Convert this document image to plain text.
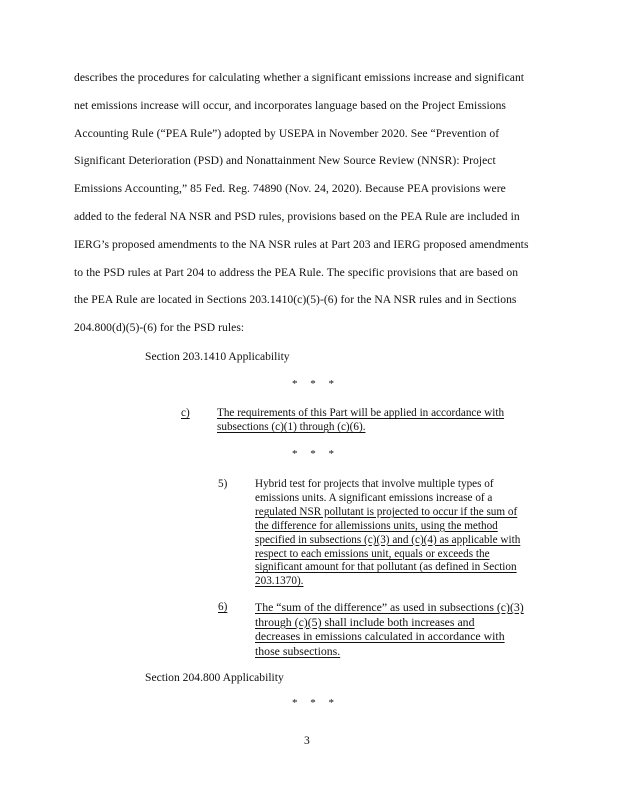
describes the procedures for calculating whether a significant emissions increase and significant
net emissions increase will occur, and incorporates language based on the Project Emissions
Accounting Rule (“PEA Rule”) adopted by USEPA in November 2020. See “Prevention of
Significant Deterioration (PSD) and Nonattainment New Source Review (NNSR): Project
Emissions Accounting,” 85 Fed. Reg. 74890 (Nov. 24, 2020). Because PEA provisions were
added to the federal NA NSR and PSD rules, provisions based on the PEA Rule are included in
IERG’s proposed amendments to the NA NSR rules at Part 203 and IERG proposed amendments
to the PSD rules at Part 204 to address the PEA Rule. The specific provisions that are based on
the PEA Rule are located in Sections 203.1410(c)(5)-(6) for the NA NSR rules and in Sections
204.800(d)(5)-(6) for the PSD rules:

Section 203.1410 Applicability

* * *
c) The requirements of this Part will be applied in accordance with
subsections (c)(1) through (c)(6).
* * *
5) Hybrid test for projects that involve multiple types of
emissions units. A significant emissions increase of a
regulated NSR pollutant is projected to occur if the sum of
the difference for allemissions units, using the method
specified in subsections (c)(3) and (c)(4) as applicable with
respect to each emissions unit, equals or exceeds the
significant amount for that pollutant (as defined in Section
203.1370).
6) The “sum of the difference” as used in subsections (c)(3)
through (c)(5) shall include both increases and
decreases in emissions calculated in accordance with
those subsections.

Section 204.800 Applicability

* * *
3
